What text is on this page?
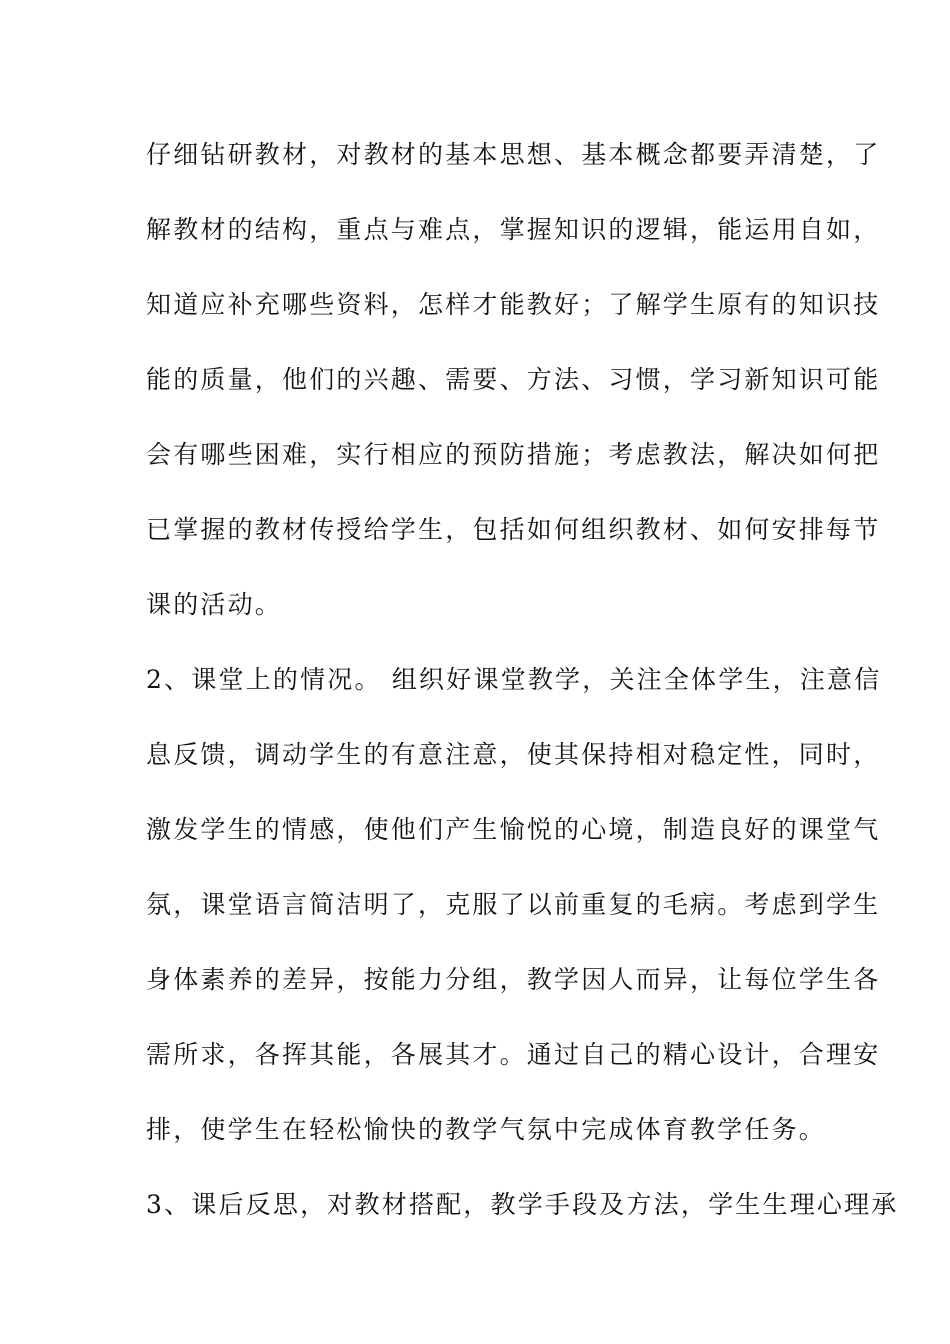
仔细钻研教材，对教材的基本思想、基本概念都要弄清楚，了
解教材的结构，重点与难点，掌握知识的逻辑，能运用自如，
知道应补充哪些资料，怎样才能教好；了解学生原有的知识技
能的质量，他们的兴趣、需要、方法、习惯，学习新知识可能
会有哪些困难，实行相应的预防措施；考虑教法，解决如何把
已掌握的教材传授给学生，包括如何组织教材、如何安排每节
课的活动。
2、课堂上的情况。 组织好课堂教学，关注全体学生，注意信
息反馈，调动学生的有意注意，使其保持相对稳定性，同时，
激发学生的情感，使他们产生愉悦的心境，制造良好的课堂气
氛，课堂语言简洁明了，克服了以前重复的毛病。考虑到学生
身体素养的差异，按能力分组，教学因人而异，让每位学生各
需所求，各挥其能，各展其才。通过自己的精心设计，合理安
排，使学生在轻松愉快的教学气氛中完成体育教学任务。
3、课后反思，对教材搭配，教学手段及方法，学生生理心理承
